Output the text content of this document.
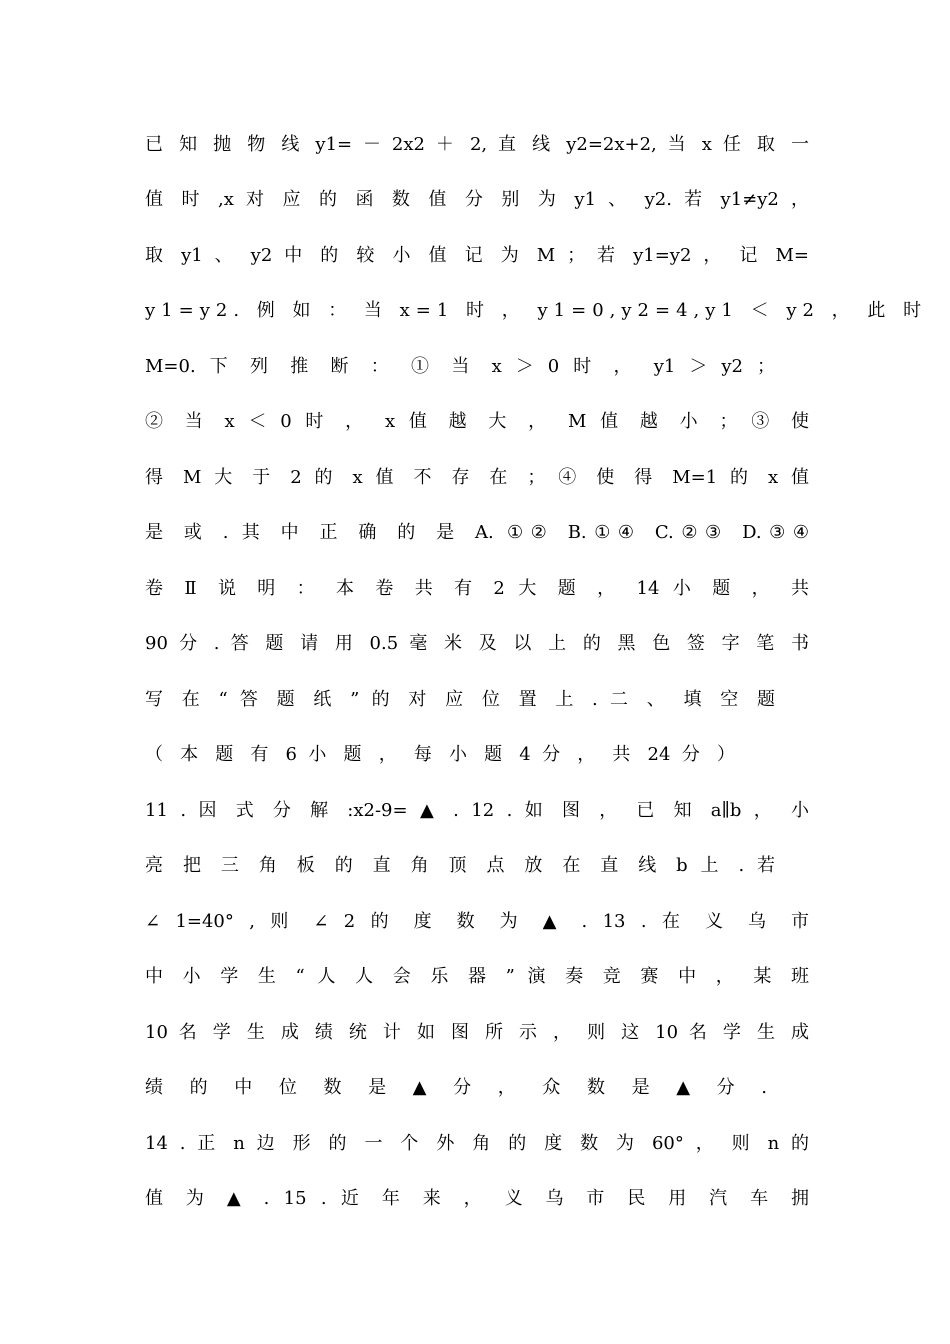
已 知 抛 物 线 y1= － 2x2 ＋ 2, 直 线 y2=2x+2, 当 x 任 取 一
值 时 ,x 对 应 的 函 数 值 分 别 为 y1 、 y2. 若 y1≠y2 ，
取 y1 、 y2 中 的 较 小 值 记 为 M ； 若 y1=y2 ， 记 M=
y1=y2. 例 如 ： 当 x=1 时 ， y1=0,y2=4,y1 ＜ y2 ， 此 时
M=0. 下 列 推 断 ： ① 当 x ＞ 0 时 ， y1 ＞ y2 ；
② 当 x ＜ 0 时 ， x 值 越 大 ， M 值 越 小 ； ③ 使
得 M 大 于 2 的 x 值 不 存 在 ； ④ 使 得 M=1 的 x 值
是 或 . 其 中 正 确 的 是 A. ①② B.①④ C.②③ D.③④
卷 Ⅱ 说 明 ： 本 卷 共 有 2 大 题 ， 14 小 题 ， 共
90 分 . 答 题 请 用 0.5 毫 米 及 以 上 的 黑 色 签 字 笔 书
写 在 “ 答 题 纸 ” 的 对 应 位 置 上 . 二 、 填 空 题
（ 本 题 有 6 小 题 ， 每 小 题 4 分 ， 共 24 分 ）
11 . 因 式 分 解 :x2-9= ▲ . 12 . 如 图 ， 已 知 a∥b ， 小
亮 把 三 角 板 的 直 角 顶 点 放 在 直 线 b 上 . 若
∠ 1=40° , 则 ∠ 2 的 度 数 为 ▲ . 13 . 在 义 乌 市
中 小 学 生 “ 人 人 会 乐 器 ” 演 奏 竞 赛 中 ， 某 班
10 名 学 生 成 绩 统 计 如 图 所 示 ， 则 这 10 名 学 生 成
绩 的 中 位 数 是 ▲ 分 ， 众 数 是 ▲ 分 .
14 . 正 n 边 形 的 一 个 外 角 的 度 数 为 60° ， 则 n 的
值 为 ▲ . 15 . 近 年 来 ， 义 乌 市 民 用 汽 车 拥
